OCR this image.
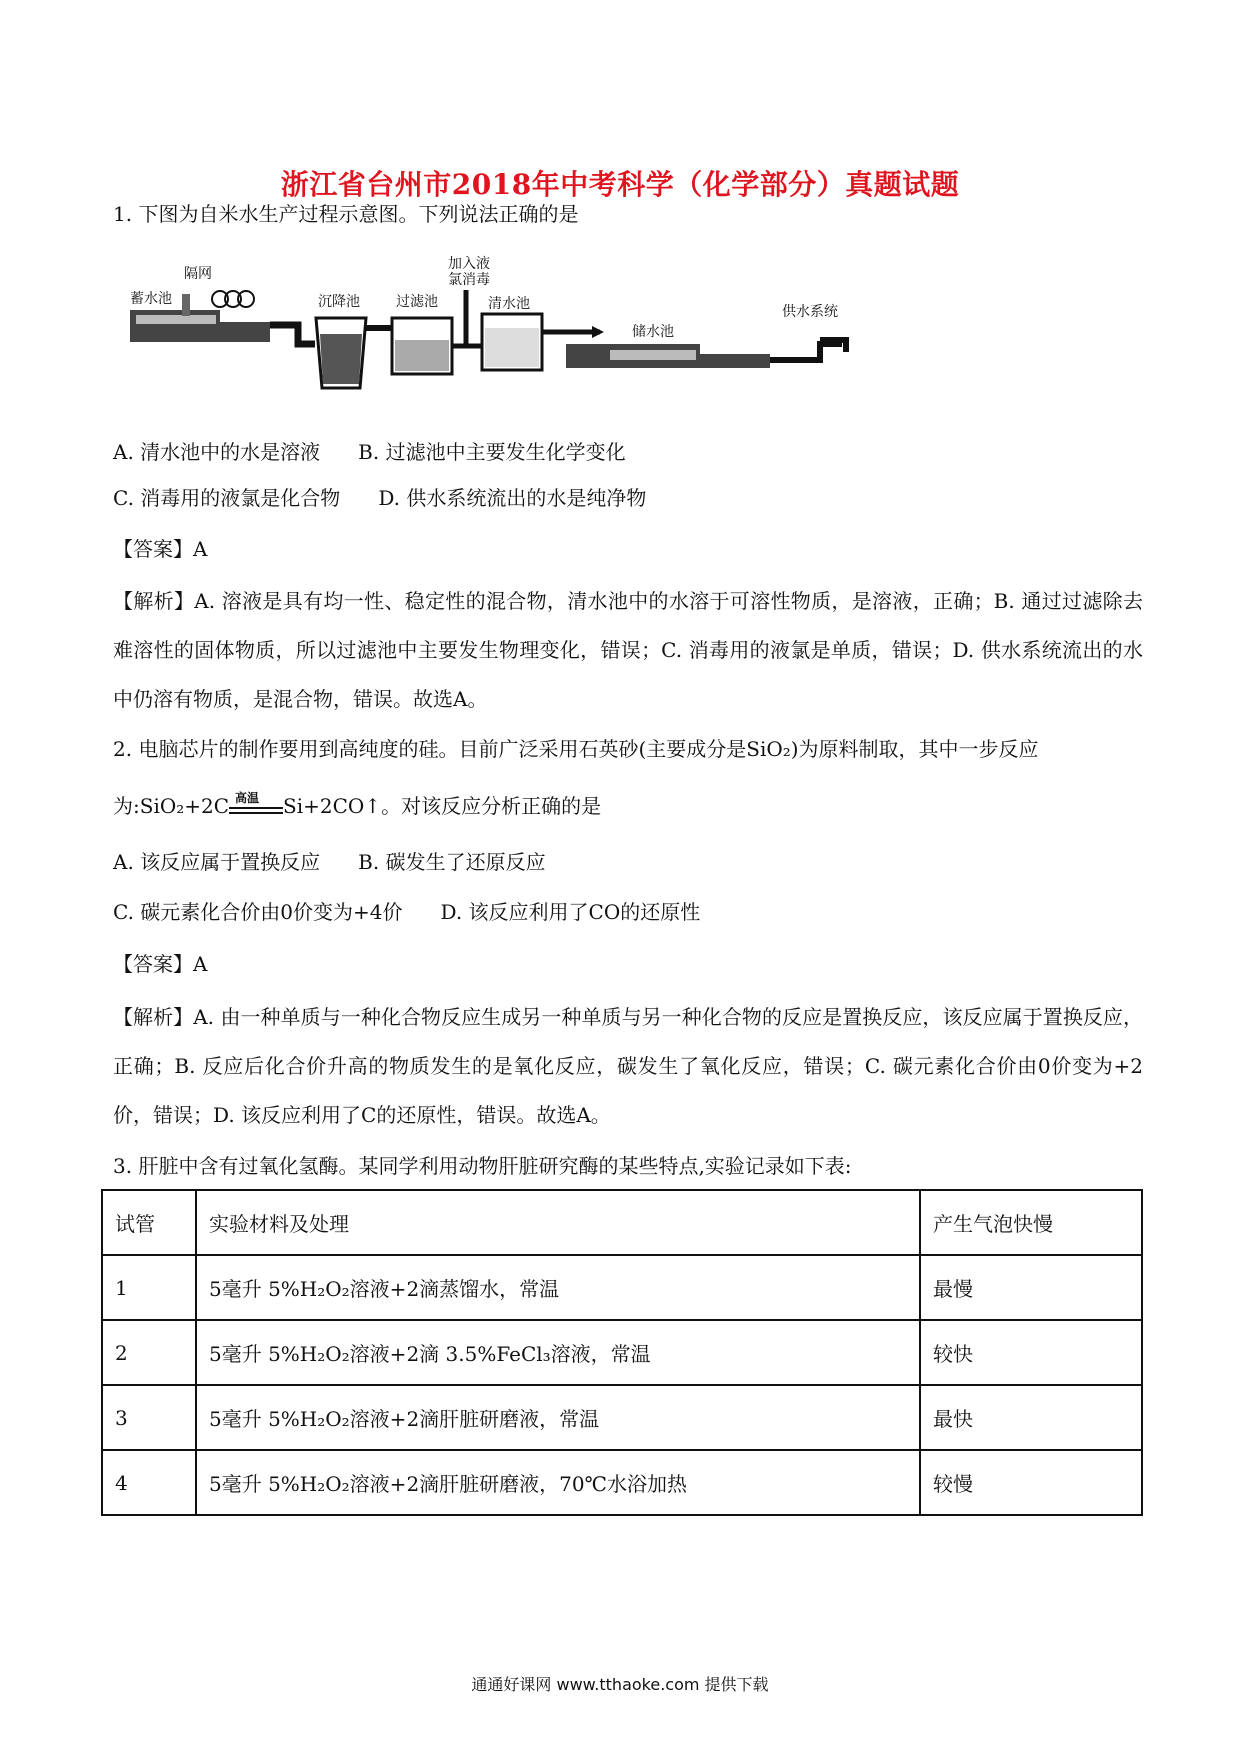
浙江省台州市2018年中考科学（化学部分）真题试题
1. 下图为自米水生产过程示意图。下列说法正确的是
蓄水池
隔网
沉降池	过滤池
加入液
氯消毒
清水池
储水池
供水系统
A. 清水池中的水是溶液 B. 过滤池中主要发生化学变化
C. 消毒用的液氯是化合物 D. 供水系统流出的水是纯净物
【答案】A
【解析】A. 溶液是具有均一性、稳定性的混合物，清水池中的水溶于可溶性物质，是溶液，正确；B. 通过过滤除去难溶性的固体物质，所以过滤池中主要发生物理变化，错误；C. 消毒用的液氯是单质，错误；D. 供水系统流出的水中仍溶有物质，是混合物，错误。故选A。
2. 电脑芯片的制作要用到高纯度的硅。目前广泛采用石英砂(主要成分是SiO₂)为原料制取，其中一步反应
为:SiO₂+2C 高温 Si+2CO↑。对该反应分析正确的是
A. 该反应属于置换反应 B. 碳发生了还原反应
C. 碳元素化合价由0价变为+4价 D. 该反应利用了CO的还原性
【答案】A
【解析】A. 由一种单质与一种化合物反应生成另一种单质与另一种化合物的反应是置换反应，该反应属于置换反应，正确；B. 反应后化合价升高的物质发生的是氧化反应，碳发生了氧化反应，错误；C. 碳元素化合价由0价变为+2价，错误；D. 该反应利用了C的还原性，错误。故选A。
3. 肝脏中含有过氧化氢酶。某同学利用动物肝脏研究酶的某些特点,实验记录如下表:
试管	实验材料及处理	产生气泡快慢
1	5毫升 5%H₂O₂溶液+2滴蒸馏水，常温	最慢
2	5毫升 5%H₂O₂溶液+2滴 3.5%FeCl₃溶液，常温	较快
3	5毫升 5%H₂O₂溶液+2滴肝脏研磨液，常温	最快
4	5毫升 5%H₂O₂溶液+2滴肝脏研磨液，70℃水浴加热	较慢
通通好课网 www.tthaoke.com 提供下载
